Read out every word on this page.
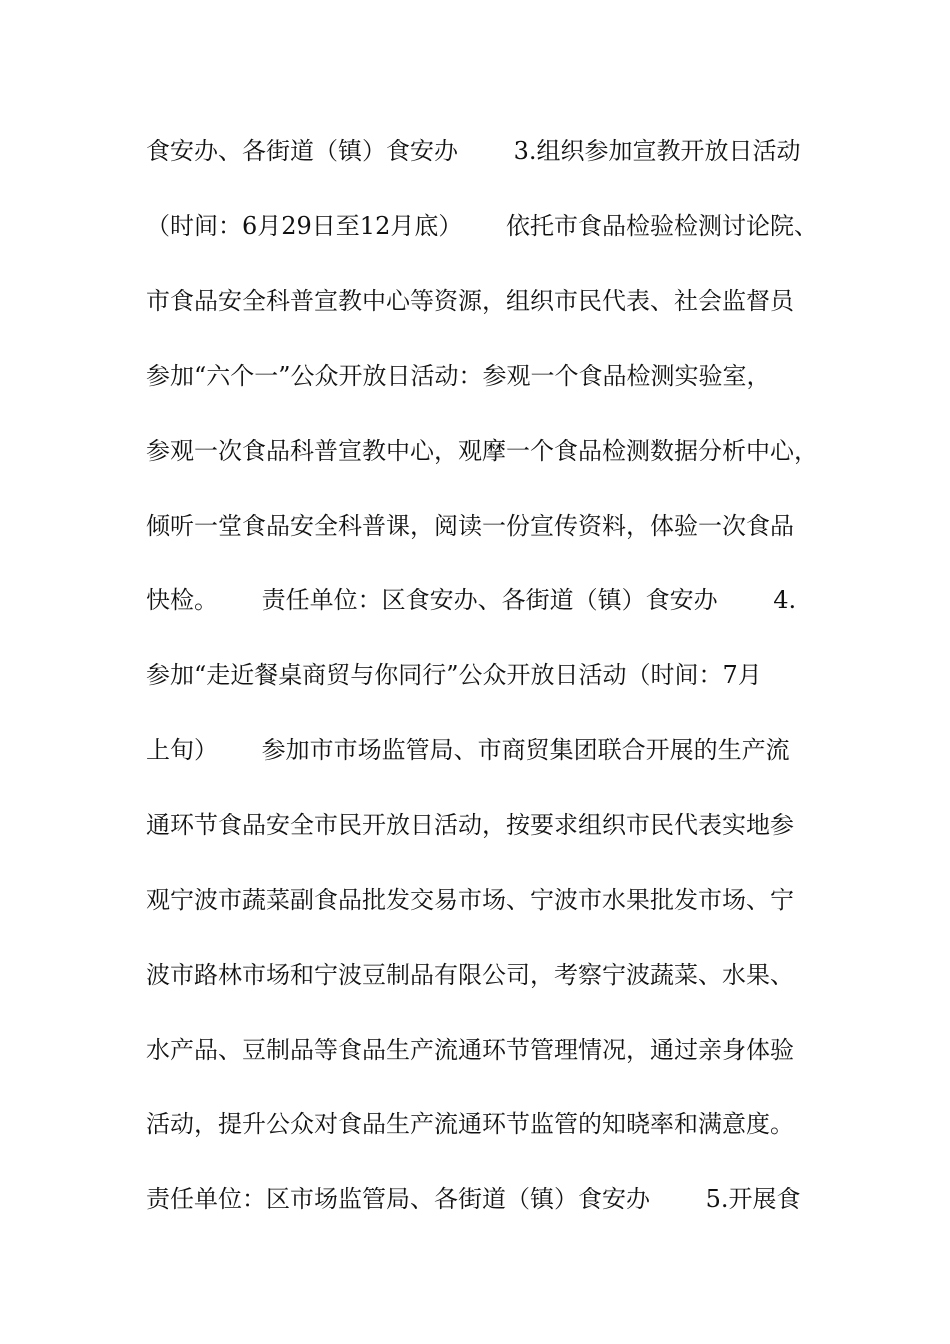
食安办、各街道（镇）食安办　　 3.组织参加宣教开放日活动
（时间：6月29日至12月底）　　 依托市食品检验检测讨论院、
市食品安全科普宣教中心等资源，组织市民代表、社会监督员
参加“六个一”公众开放日活动：参观一个食品检测实验室，
参观一次食品科普宣教中心，观摩一个食品检测数据分析中心，
倾听一堂食品安全科普课，阅读一份宣传资料，体验一次食品
快检。　　 责任单位：区食安办、各街道（镇）食安办　　 4.
参加“走近餐桌商贸与你同行”公众开放日活动（时间：7月
上旬）　　 参加市市场监管局、市商贸集团联合开展的生产流
通环节食品安全市民开放日活动，按要求组织市民代表实地参
观宁波市蔬菜副食品批发交易市场、宁波市水果批发市场、宁
波市路林市场和宁波豆制品有限公司，考察宁波蔬菜、水果、
水产品、豆制品等食品生产流通环节管理情况，通过亲身体验
活动，提升公众对食品生产流通环节监管的知晓率和满意度。
责任单位：区市场监管局、各街道（镇）食安办　　 5.开展食
